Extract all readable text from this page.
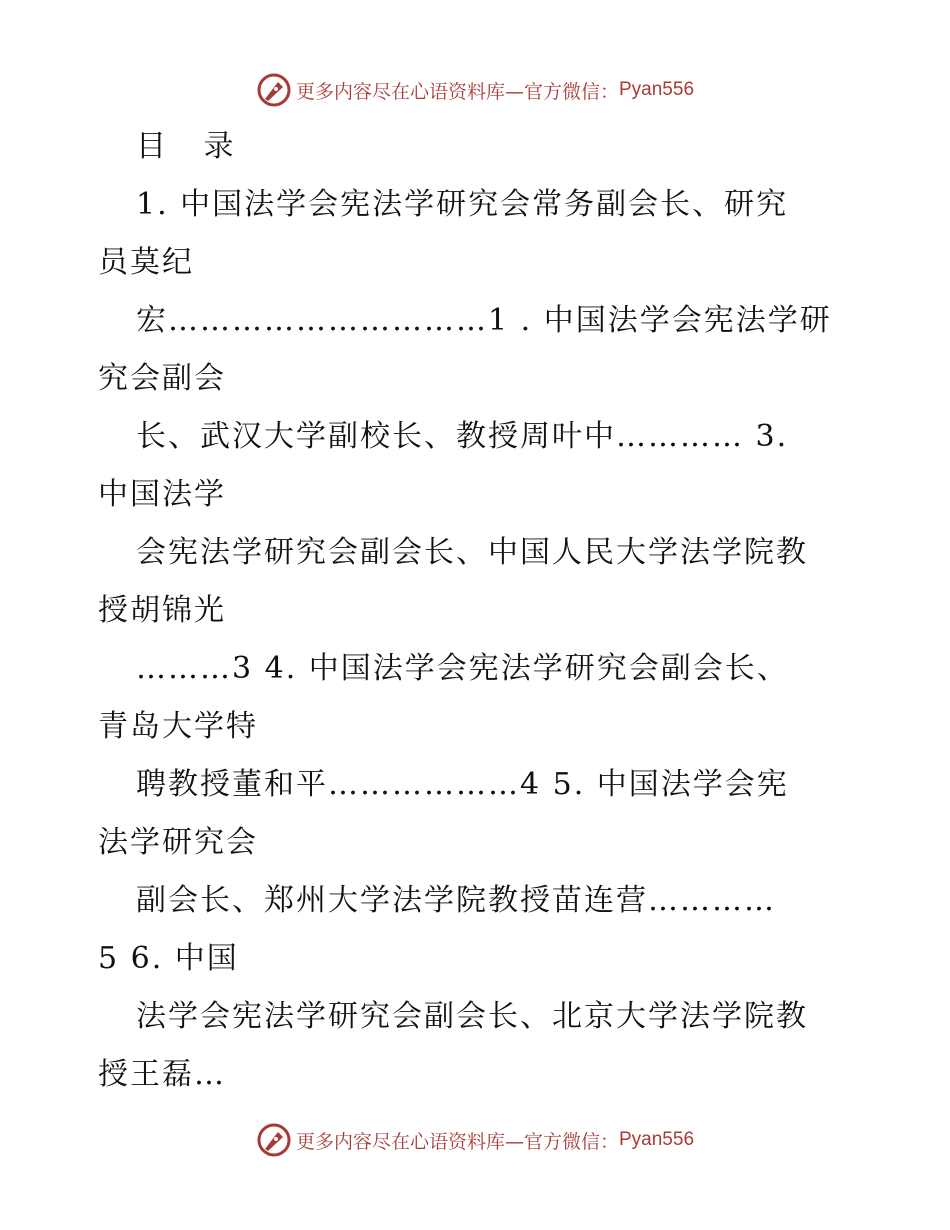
更多内容尽在心语资料库—官方微信： Pyan556
目 录
1. 中国法学会宪法学研究会常务副会长、研究
员莫纪
宏…………………………1 . 中国法学会宪法学研
究会副会
长、武汉大学副校长、教授周叶中………… 3.
中国法学
会宪法学研究会副会长、中国人民大学法学院教
授胡锦光
………3 4. 中国法学会宪法学研究会副会长、
青岛大学特
聘教授董和平………………4 5. 中国法学会宪
法学研究会
副会长、郑州大学法学院教授苗连营…………
5 6. 中国
法学会宪法学研究会副会长、北京大学法学院教
授王磊…
更多内容尽在心语资料库—官方微信： Pyan556
